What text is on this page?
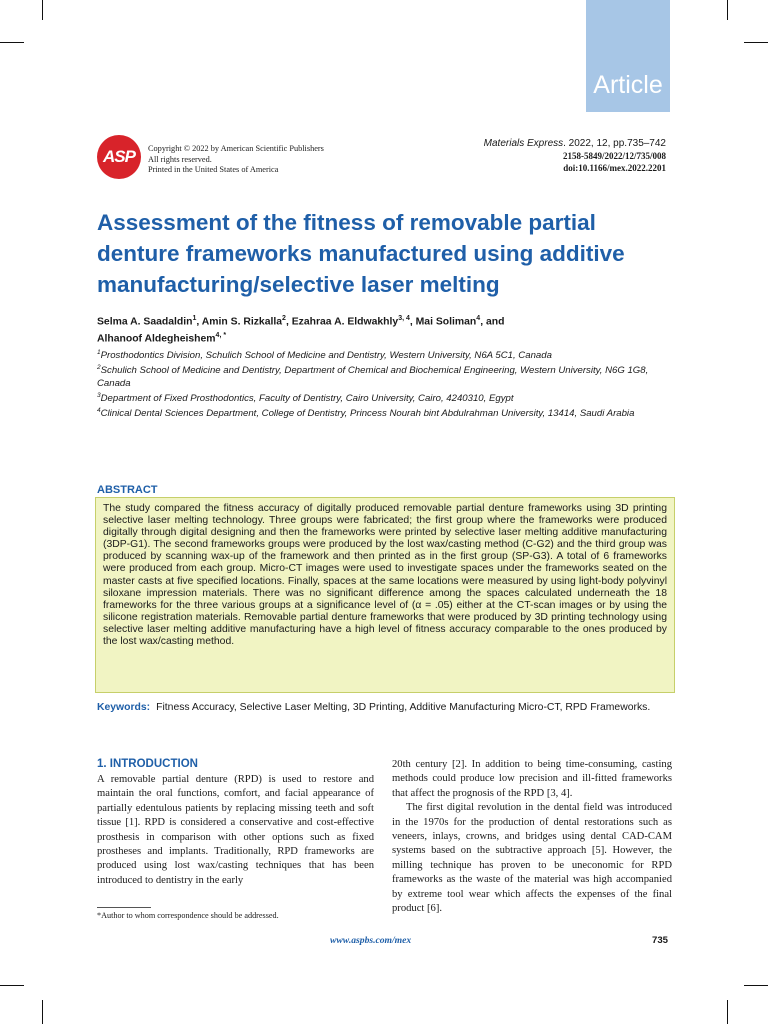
Article
ASP	Copyright © 2022 by American Scientific Publishers
All rights reserved.
Printed in the United States of America
Materials Express. 2022, 12, pp.735–742
2158-5849/2022/12/735/008
doi:10.1166/mex.2022.2201
Assessment of the fitness of removable partial denture frameworks manufactured using additive manufacturing/selective laser melting
Selma A. Saadaldin$^1$, Amin S. Rizkalla$^2$, Ezahraa A. Eldwakhly$^{3, 4}$, Mai Soliman$^4$, and
Alhanoof Aldegheishem$^{4, *}$
$^1$Prosthodontics Division, Schulich School of Medicine and Dentistry, Western University, N6A 5C1, Canada
$^2$Schulich School of Medicine and Dentistry, Department of Chemical and Biochemical Engineering, Western University, N6G 1G8, Canada
$^3$Department of Fixed Prosthodontics, Faculty of Dentistry, Cairo University, Cairo, 4240310, Egypt
$^4$Clinical Dental Sciences Department, College of Dentistry, Princess Nourah bint Abdulrahman University, 13414, Saudi Arabia
ABSTRACT

The study compared the fitness accuracy of digitally produced removable partial denture frameworks using 3D printing selective laser melting technology. Three groups were fabricated; the first group where the frameworks were produced digitally through digital designing and then the frameworks were printed by selective laser melting additive manufacturing (3DP-G1). The second frameworks groups were produced by the lost wax/casting method (C-G2) and the third group was produced by scanning wax-up of the framework and then printed as in the first group (SP-G3). A total of 6 frameworks were produced from each group. Micro-CT images were used to investigate spaces under the frameworks seated on the master casts at five specified locations. Finally, spaces at the same locations were measured by using light-body polyvinyl siloxane impression materials. There was no significant difference among the spaces calculated underneath the 18 frameworks for the three various groups at a significance level of (α = .05) either at the CT-scan images or by using the silicone registration materials. Removable partial denture frameworks that were produced by 3D printing technology using selective laser melting additive manufacturing have a high level of fitness accuracy comparable to the ones produced by the lost wax/casting method.

Keywords: Fitness Accuracy, Selective Laser Melting, 3D Printing, Additive Manufacturing Micro-CT, RPD Frameworks.
1. INTRODUCTION

A removable partial denture (RPD) is used to restore and maintain the oral functions, comfort, and facial appearance of partially edentulous patients by replacing missing teeth and soft tissue [1]. RPD is considered a conservative and cost-effective prosthesis in comparison with other options such as fixed prostheses and implants. Traditionally, RPD frameworks are produced using lost wax/casting techniques that has been introduced to dentistry in the early

20th century [2]. In addition to being time-consuming, casting methods could produce low precision and ill-fitted frameworks that affect the prognosis of the RPD [3, 4].

The first digital revolution in the dental field was introduced in the 1970s for the production of dental restorations such as veneers, inlays, crowns, and bridges using dental CAD-CAM systems based on the subtractive approach [5]. However, the milling technique has proven to be uneconomic for RPD frameworks as the waste of the material was high accompanied by extreme tool wear which affects the expenses of the final product [6].

*Author to whom correspondence should be addressed.
www.aspbs.com/mex	735
